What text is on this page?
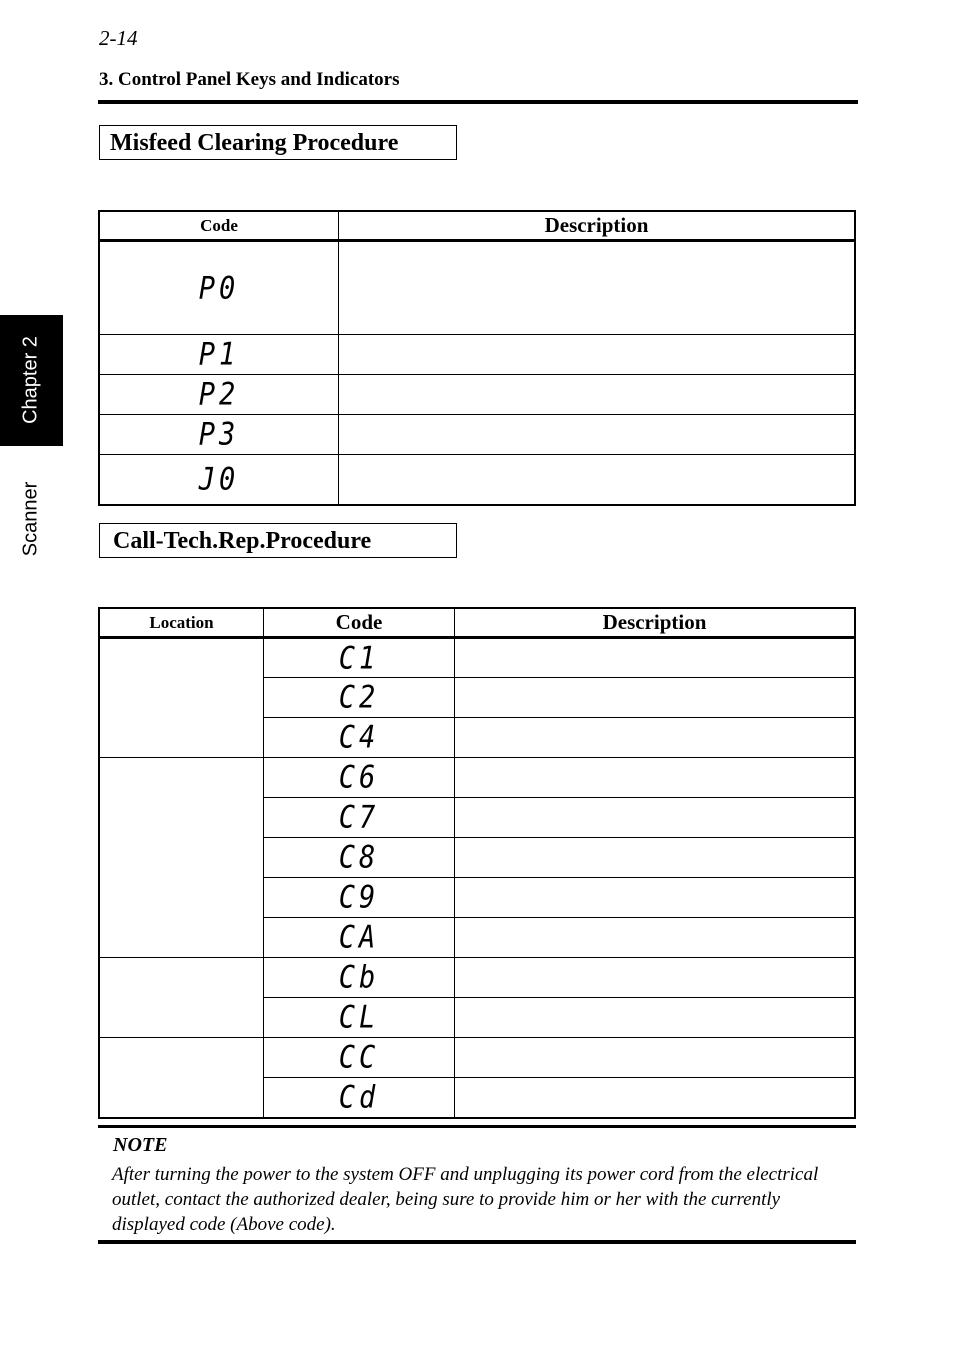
2-14
3. Control Panel Keys and Indicators
Chapter 2
Scanner
Misfeed Clearing Procedure
Code	Description
P0	
P1	
P2	
P3	
J0	
Call-Tech.Rep.Procedure
Location	Code	Description
	C1	
	C2	
	C4	
	C6	
	C7	
	C8	
	C9	
	CA	
	Cb	
	CL	
	CC	
	Cd	
NOTE
After turning the power to the system OFF and unplugging its power cord from the electrical outlet, contact the authorized dealer, being sure to provide him or her with the currently displayed code (Above code).
